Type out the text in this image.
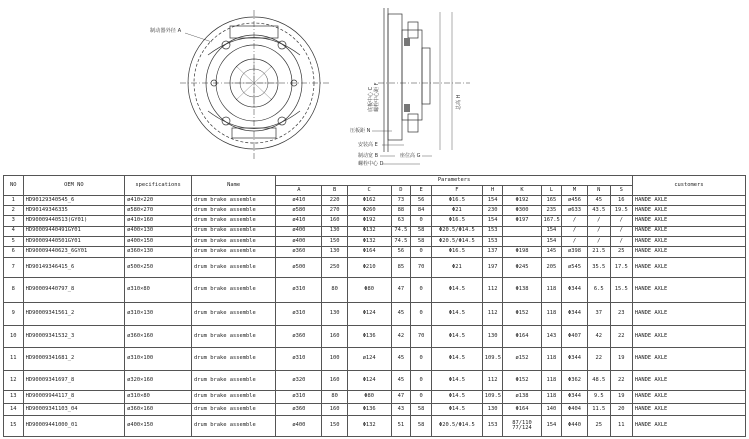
制动器外径 A
底板中心 C 螺栓中心距 F	总高 H
压板距 N
安装高 E
座位高 G
制动宽 B
螺栓中心 D
NO	OEM NO	specifications	Name	Parameters												customers
				A	B	C	D	E	F	H	K	L	M	N	S	
1	HD90129340545_6	ø410×220	drum brake assemble	ø410	220	Φ162	73	56	Φ16.5	154	Φ192	165	ø456	45	16	HANDE AXLE
2	HD90149346335	ø580×270	drum brake assemble	ø580	270	Φ260	88	84	Φ21	230	Φ300	235	ø633	43.5	19.5	HANDE AXLE
3	HD90009440513(GY01)	ø410×160	drum brake assemble	ø410	160	Φ192	63	0	Φ16.5	154	Φ197	167.5	/	/	/	HANDE AXLE
4	HD90009440491GY01	ø400×130	drum brake assemble	ø400	130	Φ132	74.5	58	Φ20.5/Φ14.5	153		154	/	/	/	HANDE AXLE
5	HD90009440501GY01	ø400×150	drum brake assemble	ø400	150	Φ132	74.5	58	Φ20.5/Φ14.5	153		154	/	/	/	HANDE AXLE
6	HD90009440623_6GY01	ø360×130	drum brake assemble	ø360	130	Φ164	56	0	Φ16.5	137	Φ198	145	ø398	21.5	25	HANDE AXLE
7	HD90149346415_6	ø500×250	drum brake assemble	ø500	250	Φ210	85	70	Φ21	197	Φ245	205	ø545	35.5	17.5	HANDE AXLE
8	HD90009440797_8	ø310×80	drum brake assemble	ø310	80	Φ80	47	0	Φ14.5	112	Φ138	118	Φ344	6.5	15.5	HANDE AXLE
9	HD90009341561_2	ø310×130	drum brake assemble	ø310	130	Φ124	45	0	Φ14.5	112	Φ152	118	Φ344	37	23	HANDE AXLE
10	HD90009341532_3	ø360×160	drum brake assemble	ø360	160	Φ136	42	70	Φ14.5	130	Φ164	143	Φ407	42	22	HANDE AXLE
11	HD90009341681_2	ø310×100	drum brake assemble	ø310	100	ø124	45	0	Φ14.5	109.5	ø152	118	Φ344	22	19	HANDE AXLE
12	HD90009341697_8	ø320×160	drum brake assemble	ø320	160	Φ124	45	0	Φ14.5	112	Φ152	118	Φ362	48.5	22	HANDE AXLE
13	HD90009944117_8	ø310×80	drum brake assemble	ø310	80	Φ80	47	0	Φ14.5	109.5	ø138	118	Φ344	9.5	19	HANDE AXLE
14	HD90009341103_04	ø360×160	drum brake assemble	ø360	160	Φ136	43	58	Φ14.5	130	Φ164	140	Φ404	11.5	20	HANDE AXLE
15	HD90009441000_01	ø400×150	drum brake assemble	ø400	150	Φ132	51	58	Φ20.5/Φ14.5	153	87/110
77/124	154	Φ440	25	11	HANDE AXLE
